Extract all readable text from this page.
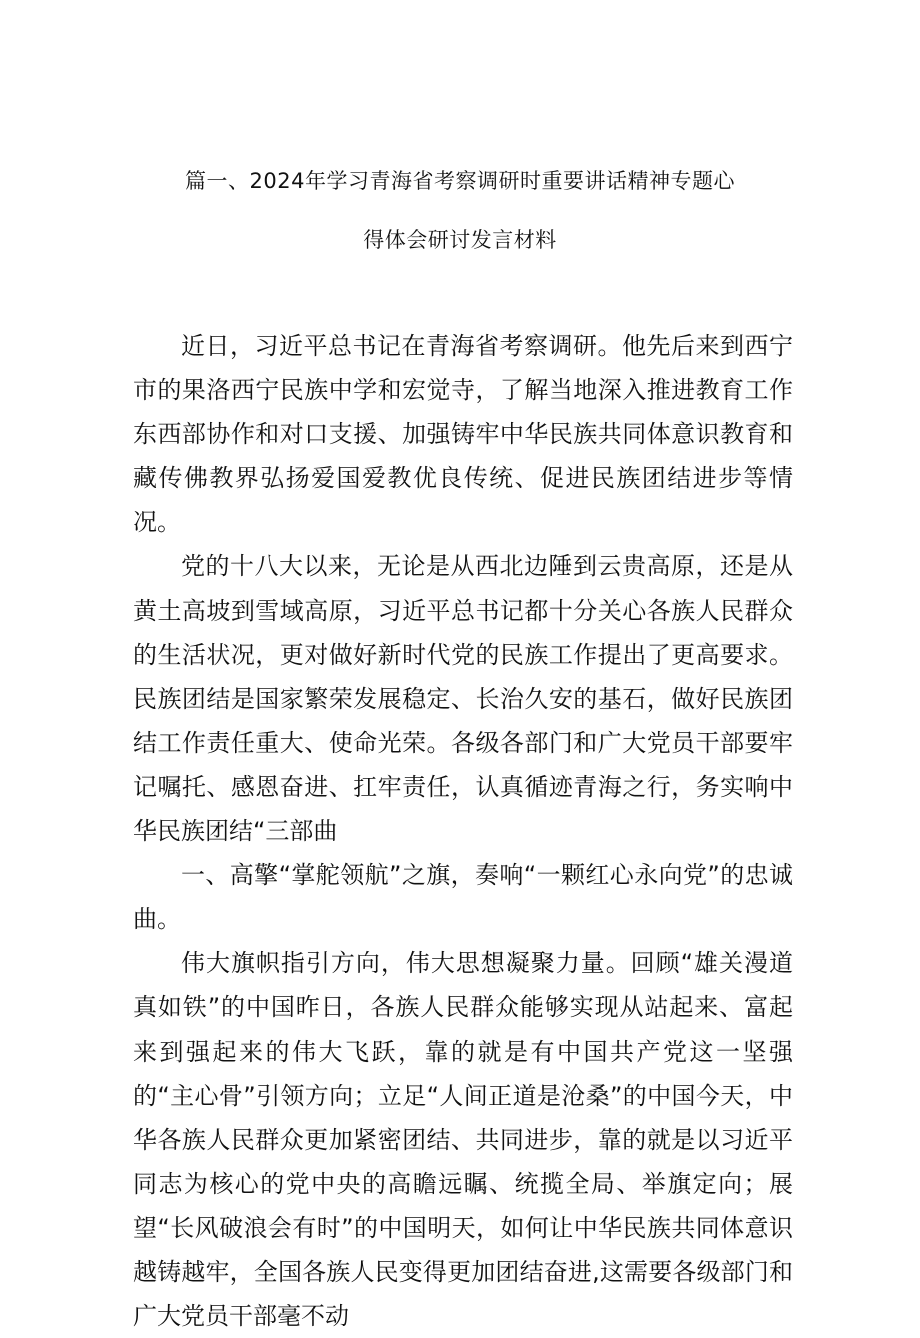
篇一、2024年学习青海省考察调研时重要讲话精神专题心
得体会研讨发言材料

近日，习近平总书记在青海省考察调研。他先后来到西宁市的果洛西宁民族中学和宏觉寺，了解当地深入推进教育工作东西部协作和对口支援、加强铸牢中华民族共同体意识教育和藏传佛教界弘扬爱国爱教优良传统、促进民族团结进步等情况。

党的十八大以来，无论是从西北边陲到云贵高原，还是从黄土高坡到雪域高原，习近平总书记都十分关心各族人民群众的生活状况，更对做好新时代党的民族工作提出了更高要求。民族团结是国家繁荣发展稳定、长治久安的基石，做好民族团结工作责任重大、使命光荣。各级各部门和广大党员干部要牢记嘱托、感恩奋进、扛牢责任，认真循迹青海之行，务实响中华民族团结“三部曲

一、高擎“掌舵领航”之旗，奏响“一颗红心永向党”的忠诚曲。

伟大旗帜指引方向，伟大思想凝聚力量。回顾“雄关漫道真如铁”的中国昨日，各族人民群众能够实现从站起来、富起来到强起来的伟大飞跃，靠的就是有中国共产党这一坚强的“主心骨”引领方向；立足“人间正道是沧桑”的中国今天，中华各族人民群众更加紧密团结、共同进步，靠的就是以习近平同志为核心的党中央的高瞻远瞩、统揽全局、举旗定向；展望“长风破浪会有时”的中国明天，如何让中华民族共同体意识越铸越牢，全国各族人民变得更加团结奋进,这需要各级部门和广大党员干部毫不动
